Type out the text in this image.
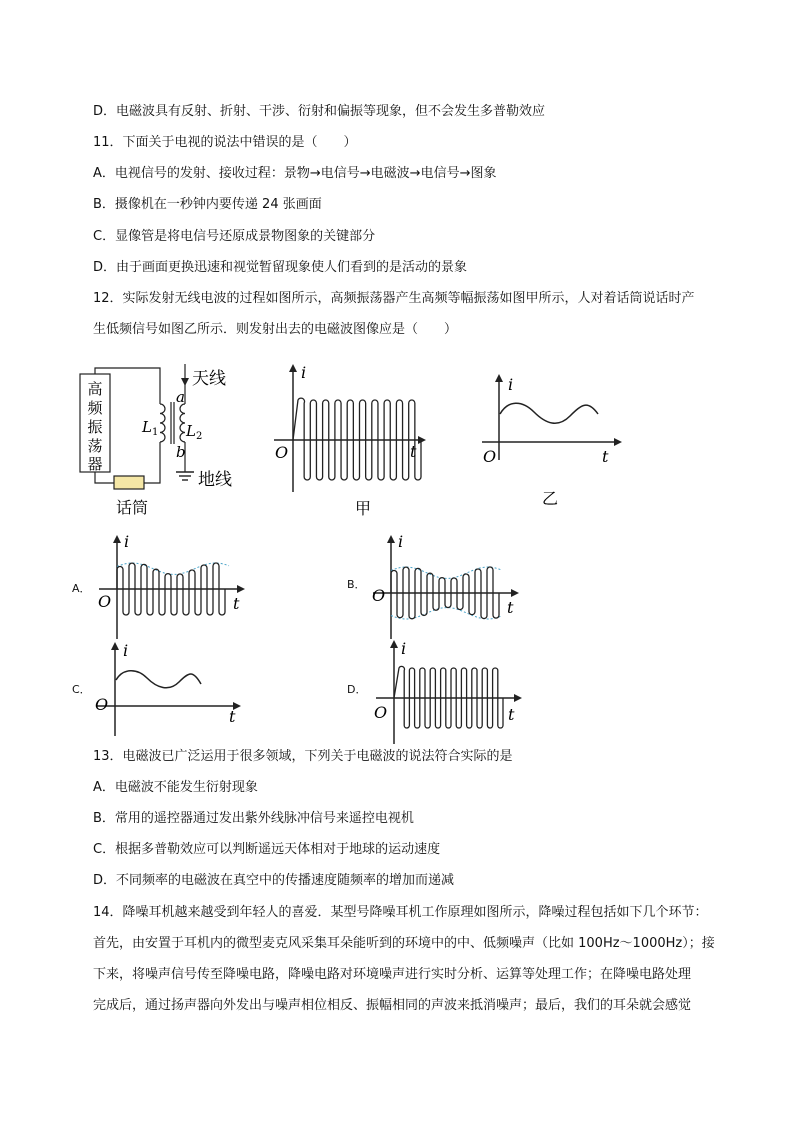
D．电磁波具有反射、折射、干涉、衍射和偏振等现象，但不会发生多普勒效应
11．下面关于电视的说法中错误的是（　　）
A．电视信号的发射、接收过程：景物→电信号→电磁波→电信号→图象
B．摄像机在一秒钟内要传递 24 张画面
C．显像管是将电信号还原成景物图象的关键部分
D．由于画面更换迅速和视觉暂留现象使人们看到的是活动的景象
12．实际发射无线电波的过程如图所示，高频振荡器产生高频等幅振荡如图甲所示，人对着话筒说话时产
生低频信号如图乙所示．则发射出去的电磁波图像应是（　　）
13．电磁波已广泛运用于很多领域，下列关于电磁波的说法符合实际的是
A．电磁波不能发生衍射现象
B．常用的遥控器通过发出紫外线脉冲信号来遥控电视机
C．根据多普勒效应可以判断遥远天体相对于地球的运动速度
D．不同频率的电磁波在真空中的传播速度随频率的增加而递减
14．降噪耳机越来越受到年轻人的喜爱．某型号降噪耳机工作原理如图所示，降噪过程包括如下几个环节：
首先，由安置于耳机内的微型麦克风采集耳朵能听到的环境中的中、低频噪声（比如 100Hz～1000Hz）；接
下来，将噪声信号传至降噪电路，降噪电路对环境噪声进行实时分析、运算等处理工作；在降噪电路处理
完成后，通过扬声器向外发出与噪声相位相反、振幅相同的声波来抵消噪声；最后，我们的耳朵就会感觉
高
频
振
荡
器
话筒
天线
地线
a
b
$L_1$ $L_2$
i
t
O
甲
i
t
O
乙
A．
i
t
O
B．
i
t
O
C．
i
t
O
D．
i
t
O
